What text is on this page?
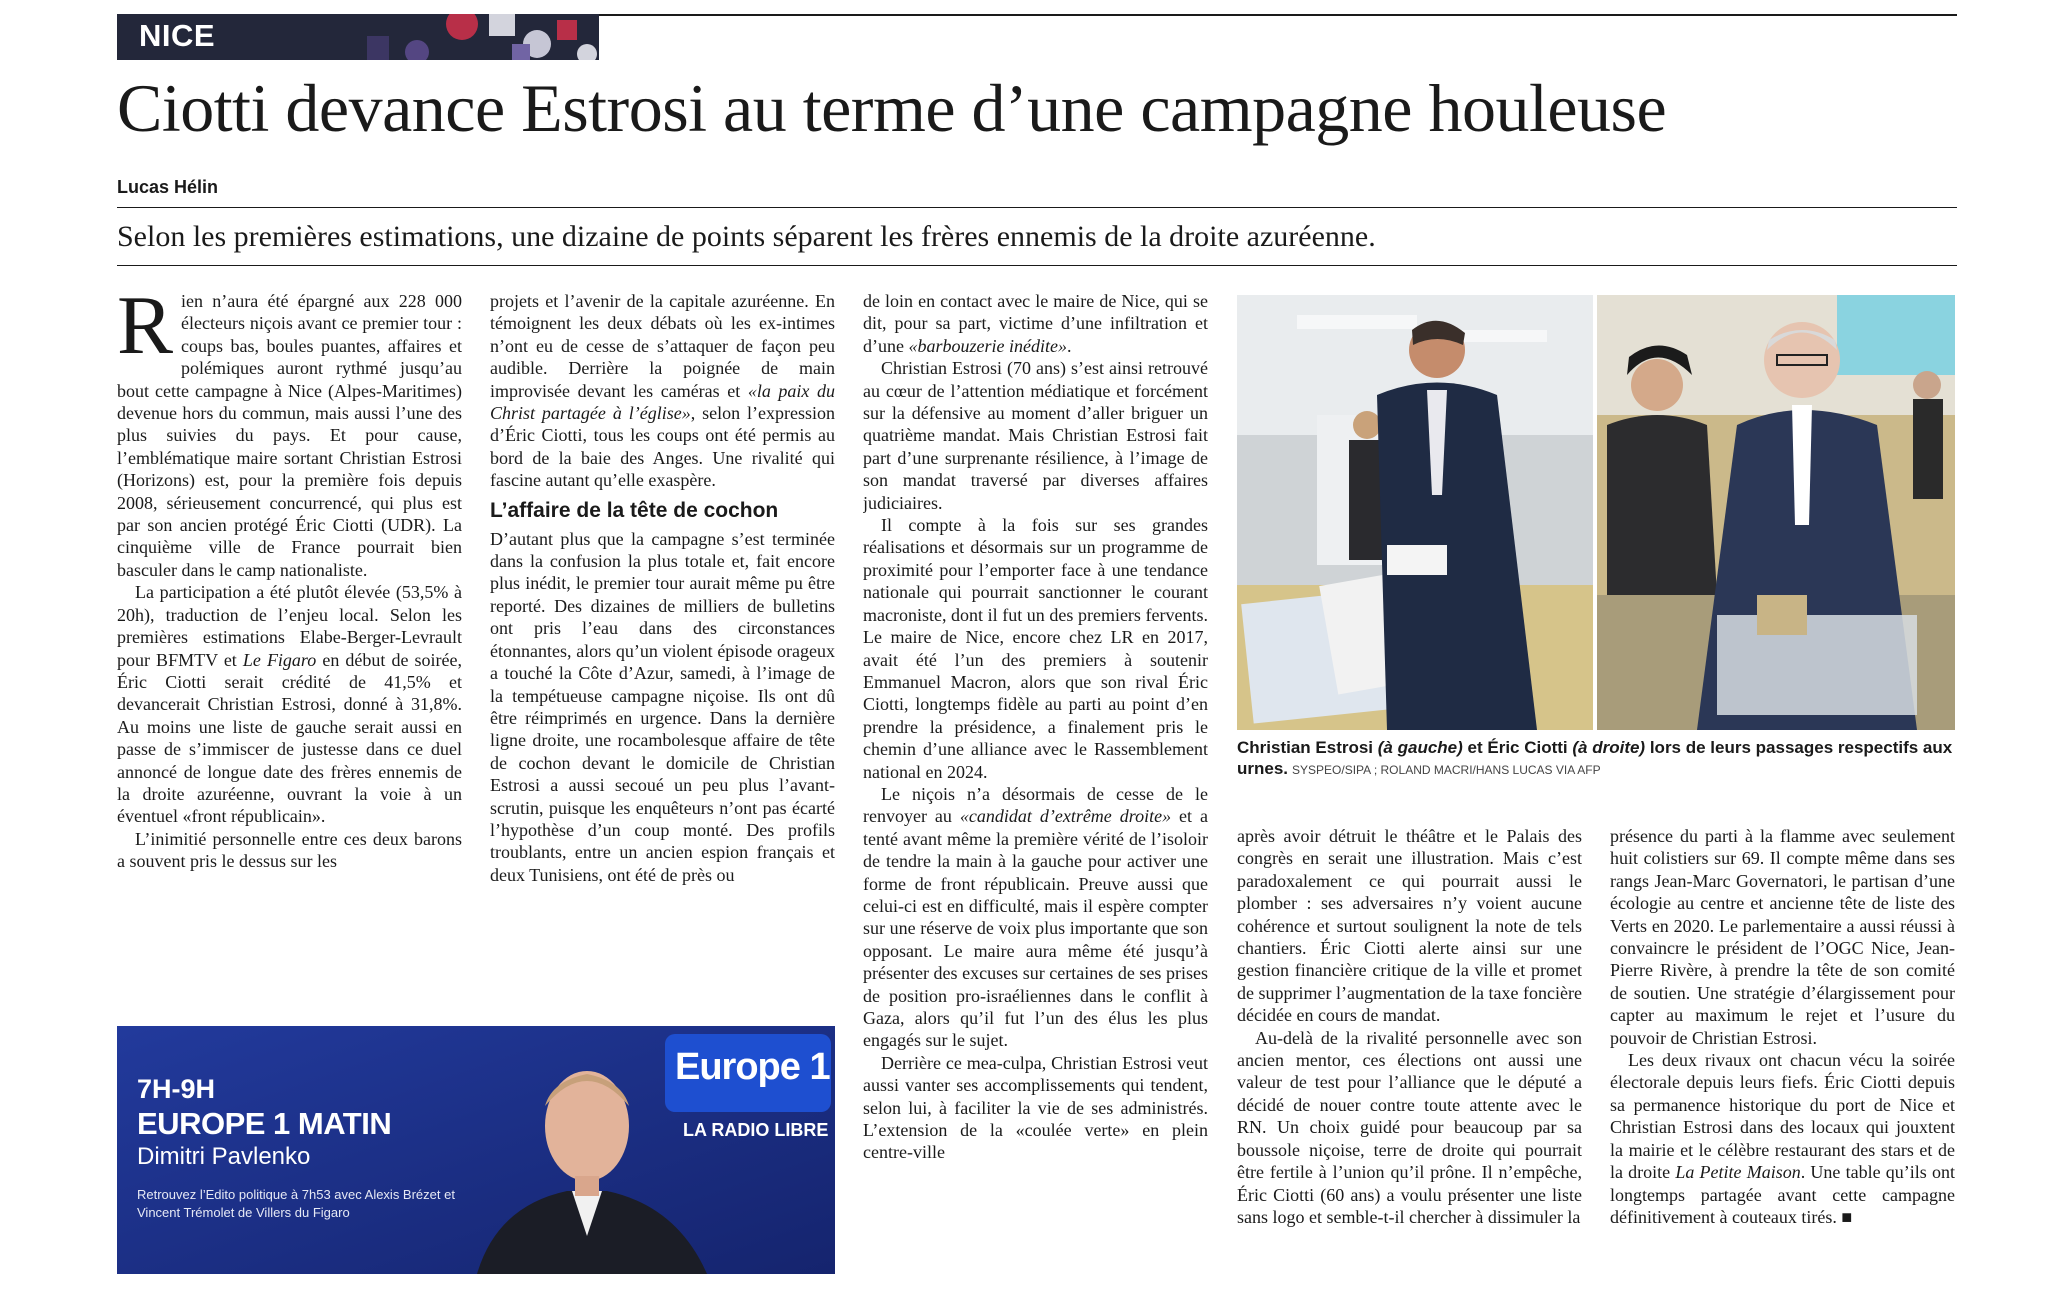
NICE
Ciotti devance Estrosi au terme d’une campagne houleuse
Lucas Hélin
Selon les premières estimations, une dizaine de points séparent les frères ennemis de la droite azuréenne.

Rien n’aura été épargné aux 228 000 électeurs niçois avant ce premier tour : coups bas, boules puantes, affaires et polémiques auront rythmé jusqu’au bout cette campagne à Nice (Alpes-Maritimes) devenue hors du commun, mais aussi l’une des plus suivies du pays. Et pour cause, l’emblématique maire sortant Christian Estrosi (Horizons) est, pour la première fois depuis 2008, sérieusement concurrencé, qui plus est par son ancien protégé Éric Ciotti (UDR). La cinquième ville de France pourrait bien basculer dans le camp nationaliste.

La participation a été plutôt élevée (53,5% à 20h), traduction de l’enjeu local. Selon les premières estimations Elabe-Berger-Levrault pour BFMTV et Le Figaro en début de soirée, Éric Ciotti serait crédité de 41,5% et devancerait Christian Estrosi, donné à 31,8%. Au moins une liste de gauche serait aussi en passe de s’immiscer de justesse dans ce duel annoncé de longue date des frères ennemis de la droite azuréenne, ouvrant la voie à un éventuel «front républicain».

L’inimitié personnelle entre ces deux barons a souvent pris le dessus sur les

projets et l’avenir de la capitale azuréenne. En témoignent les deux débats où les ex-intimes n’ont eu de cesse de s’attaquer de façon peu audible. Derrière la poignée de main improvisée devant les caméras et «la paix du Christ partagée à l’église», selon l’expression d’Éric Ciotti, tous les coups ont été permis au bord de la baie des Anges. Une rivalité qui fascine autant qu’elle exaspère.

L’affaire de la tête de cochon

D’autant plus que la campagne s’est terminée dans la confusion la plus totale et, fait encore plus inédit, le premier tour aurait même pu être reporté. Des dizaines de milliers de bulletins ont pris l’eau dans des circonstances étonnantes, alors qu’un violent épisode orageux a touché la Côte d’Azur, samedi, à l’image de la tempétueuse campagne niçoise. Ils ont dû être réimprimés en urgence. Dans la dernière ligne droite, une rocambolesque affaire de tête de cochon devant le domicile de Christian Estrosi a aussi secoué un peu plus l’avant-scrutin, puisque les enquêteurs n’ont pas écarté l’hypothèse d’un coup monté. Des profils troublants, entre un ancien espion français et deux Tunisiens, ont été de près ou

de loin en contact avec le maire de Nice, qui se dit, pour sa part, victime d’une infiltration et d’une «barbouzerie inédite».

Christian Estrosi (70 ans) s’est ainsi retrouvé au cœur de l’attention médiatique et forcément sur la défensive au moment d’aller briguer un quatrième mandat. Mais Christian Estrosi fait part d’une surprenante résilience, à l’image de son mandat traversé par diverses affaires judiciaires.

Il compte à la fois sur ses grandes réalisations et désormais sur un programme de proximité pour l’emporter face à une tendance nationale qui pourrait sanctionner le courant macroniste, dont il fut un des premiers fervents. Le maire de Nice, encore chez LR en 2017, avait été l’un des premiers à soutenir Emmanuel Macron, alors que son rival Éric Ciotti, longtemps fidèle au parti au point d’en prendre la présidence, a finalement pris le chemin d’une alliance avec le Rassemblement national en 2024.

Le niçois n’a désormais de cesse de le renvoyer au «candidat d’extrême droite» et a tenté avant même la première vérité de l’isoloir de tendre la main à la gauche pour activer une forme de front républicain. Preuve aussi que celui-ci est en difficulté, mais il espère compter sur une réserve de voix plus importante que son opposant. Le maire aura même été jusqu’à présenter des excuses sur certaines de ses prises de position pro-israéliennes dans le conflit à Gaza, alors qu’il fut l’un des élus les plus engagés sur le sujet.

Derrière ce mea-culpa, Christian Estrosi veut aussi vanter ses accomplissements qui tendent, selon lui, à faciliter la vie de ses administrés. L’extension de la «coulée verte» en plein centre-ville

Christian Estrosi (à gauche) et Éric Ciotti (à droite) lors de leurs passages respectifs aux urnes. SYSPEO/SIPA ; ROLAND MACRI/HANS LUCAS VIA AFP

après avoir détruit le théâtre et le Palais des congrès en serait une illustration. Mais c’est paradoxalement ce qui pourrait aussi le plomber : ses adversaires n’y voient aucune cohérence et surtout soulignent la note de tels chantiers. Éric Ciotti alerte ainsi sur une gestion financière critique de la ville et promet de supprimer l’augmentation de la taxe foncière décidée en cours de mandat.

Au-delà de la rivalité personnelle avec son ancien mentor, ces élections ont aussi une valeur de test pour l’alliance que le député a décidé de nouer contre toute attente avec le RN. Un choix guidé pour beaucoup par sa boussole niçoise, terre de droite qui pourrait être fertile à l’union qu’il prône. Il n’empêche, Éric Ciotti (60 ans) a voulu présenter une liste sans logo et semble-t-il chercher à dissimuler la

présence du parti à la flamme avec seulement huit colistiers sur 69. Il compte même dans ses rangs Jean-Marc Governatori, le partisan d’une écologie au centre et ancienne tête de liste des Verts en 2020. Le parlementaire a aussi réussi à convaincre le président de l’OGC Nice, Jean-Pierre Rivère, à prendre la tête de son comité de soutien. Une stratégie d’élargissement pour capter au maximum le rejet et l’usure du pouvoir de Christian Estrosi.

Les deux rivaux ont chacun vécu la soirée électorale depuis leurs fiefs. Éric Ciotti depuis sa permanence historique du port de Nice et Christian Estrosi dans des locaux qui jouxtent la mairie et le célèbre restaurant des stars et de la droite La Petite Maison. Une table qu’ils ont longtemps partagée avant cette campagne définitivement à couteaux tirés. ■

7H-9H
EUROPE 1 MATIN
Dimitri Pavlenko
Retrouvez l’Edito politique à 7h53 avec Alexis Brézet et Vincent Trémolet de Villers du Figaro
Europe 1
LA RADIO LIBRE
